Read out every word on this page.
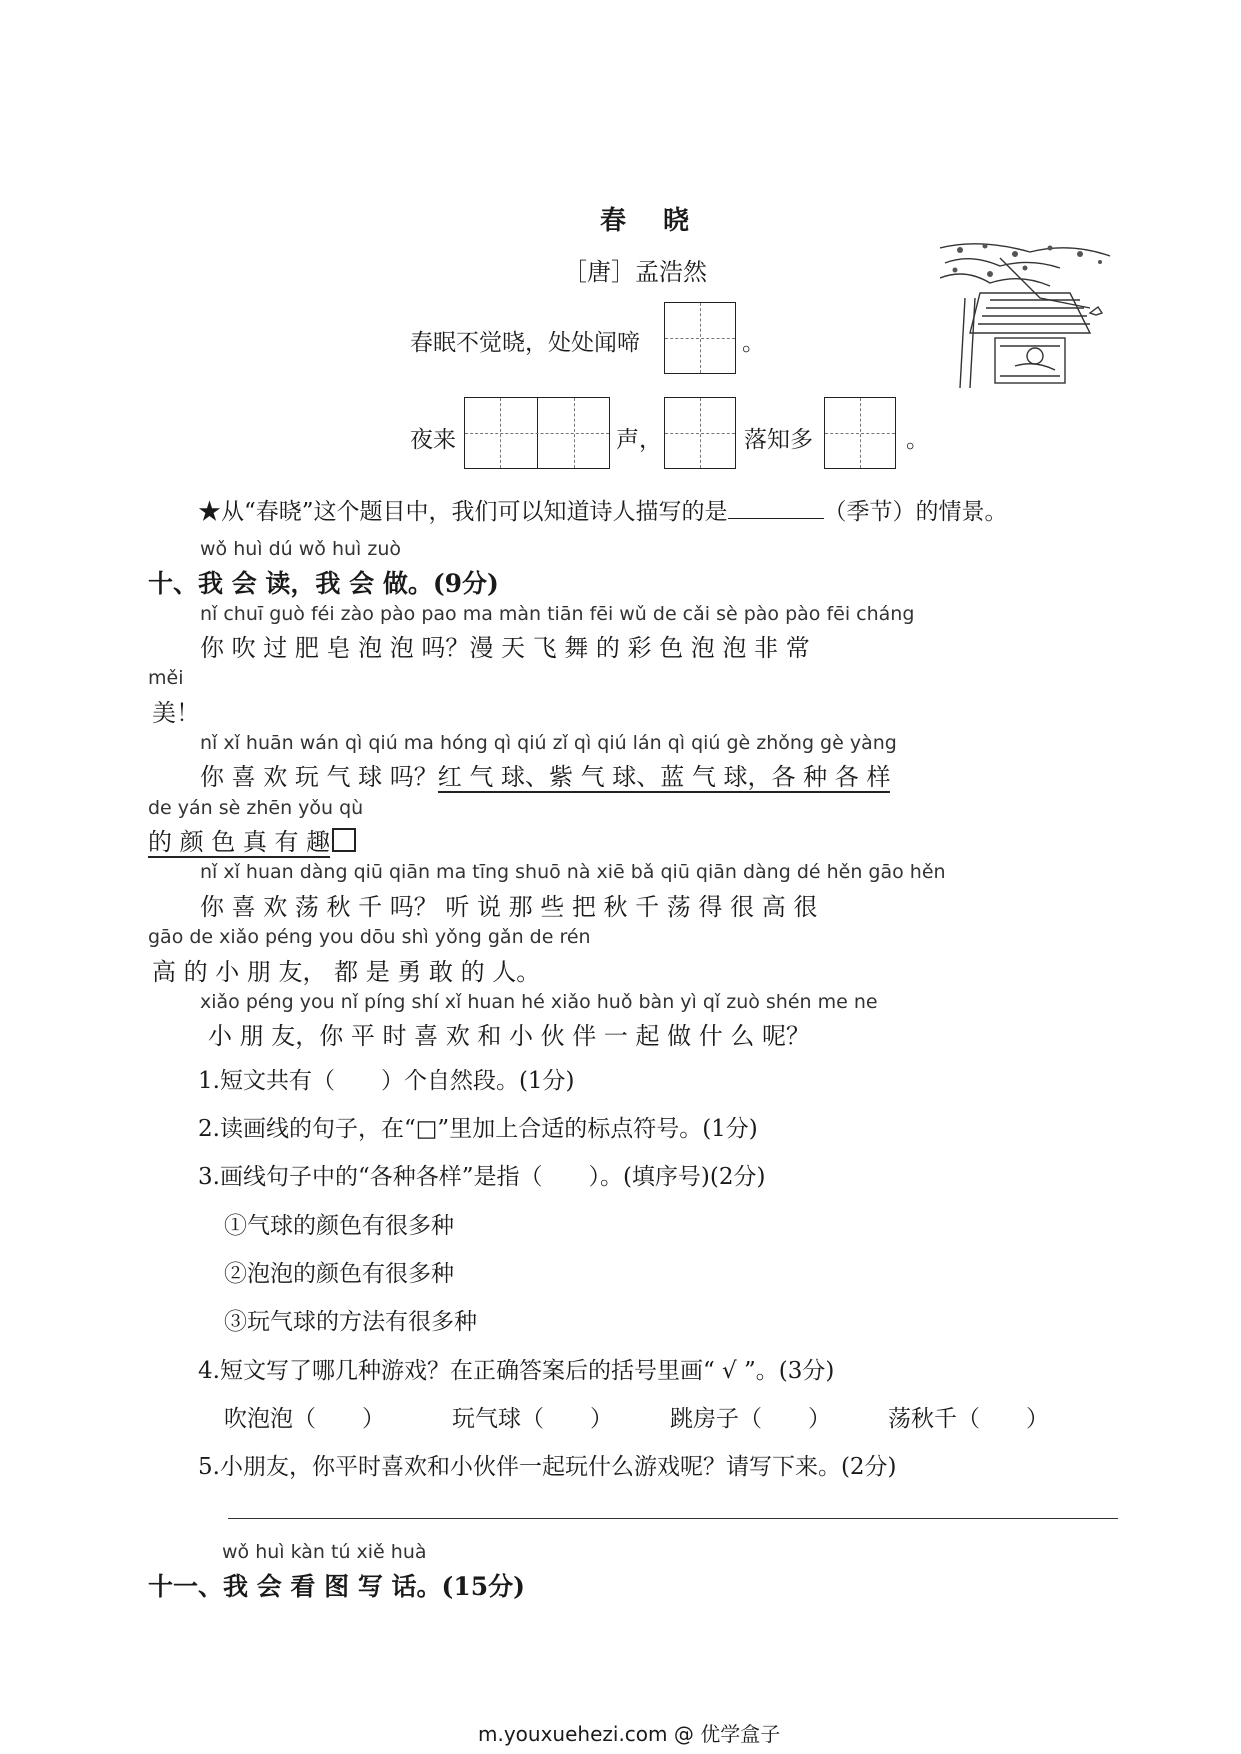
春 晓
［唐］孟浩然
春眠不觉晓，处处闻啼	。
夜来	声，	落知多	。
★从“春晓”这个题目中，我们可以知道诗人描写的是	（季节）的情景。
wǒ huì dú wǒ huì zuò
十、我 会 读，我 会 做。(9分)
nǐ chuī guò féi zào pào pao ma màn tiān fēi wǔ de cǎi sè pào pào fēi cháng
你 吹 过 肥 皂 泡 泡 吗？漫 天 飞 舞 的 彩 色 泡 泡 非 常
měi
美！
nǐ xǐ huān wán qì qiú ma hóng qì qiú zǐ qì qiú lán qì qiú gè zhǒng gè yàng
你 喜 欢 玩 气 球 吗？红 气 球、紫 气 球、蓝 气 球，各 种 各 样
de yán sè zhēn yǒu qù
的 颜 色 真 有 趣
nǐ xǐ huan dàng qiū qiān ma tīng shuō nà xiē bǎ qiū qiān dàng dé hěn gāo hěn
你 喜 欢 荡 秋 千 吗？ 听 说 那 些 把 秋 千 荡 得 很 高 很
gāo de xiǎo péng you dōu shì yǒng gǎn de rén
高 的 小 朋 友， 都 是 勇 敢 的 人。
xiǎo péng you nǐ píng shí xǐ huan hé xiǎo huǒ bàn yì qǐ zuò shén me ne
小 朋 友，你 平 时 喜 欢 和 小 伙 伴 一 起 做 什 么 呢？
1.短文共有（　　）个自然段。(1分)
2.读画线的句子，在“□”里加上合适的标点符号。(1分)
3.画线句子中的“各种各样”是指（　　）。(填序号)(2分)
①气球的颜色有很多种
②泡泡的颜色有很多种
③玩气球的方法有很多种
4.短文写了哪几种游戏？在正确答案后的括号里画“ √ ”。(3分)
吹泡泡（　　）	玩气球（　　） 跳房子（　　） 荡秋千（　　）
5.小朋友，你平时喜欢和小伙伴一起玩什么游戏呢？请写下来。(2分)
wǒ huì kàn tú xiě huà
十一、我 会 看 图 写 话。(15分)
m.youxuehezi.com @ 优学盒子
